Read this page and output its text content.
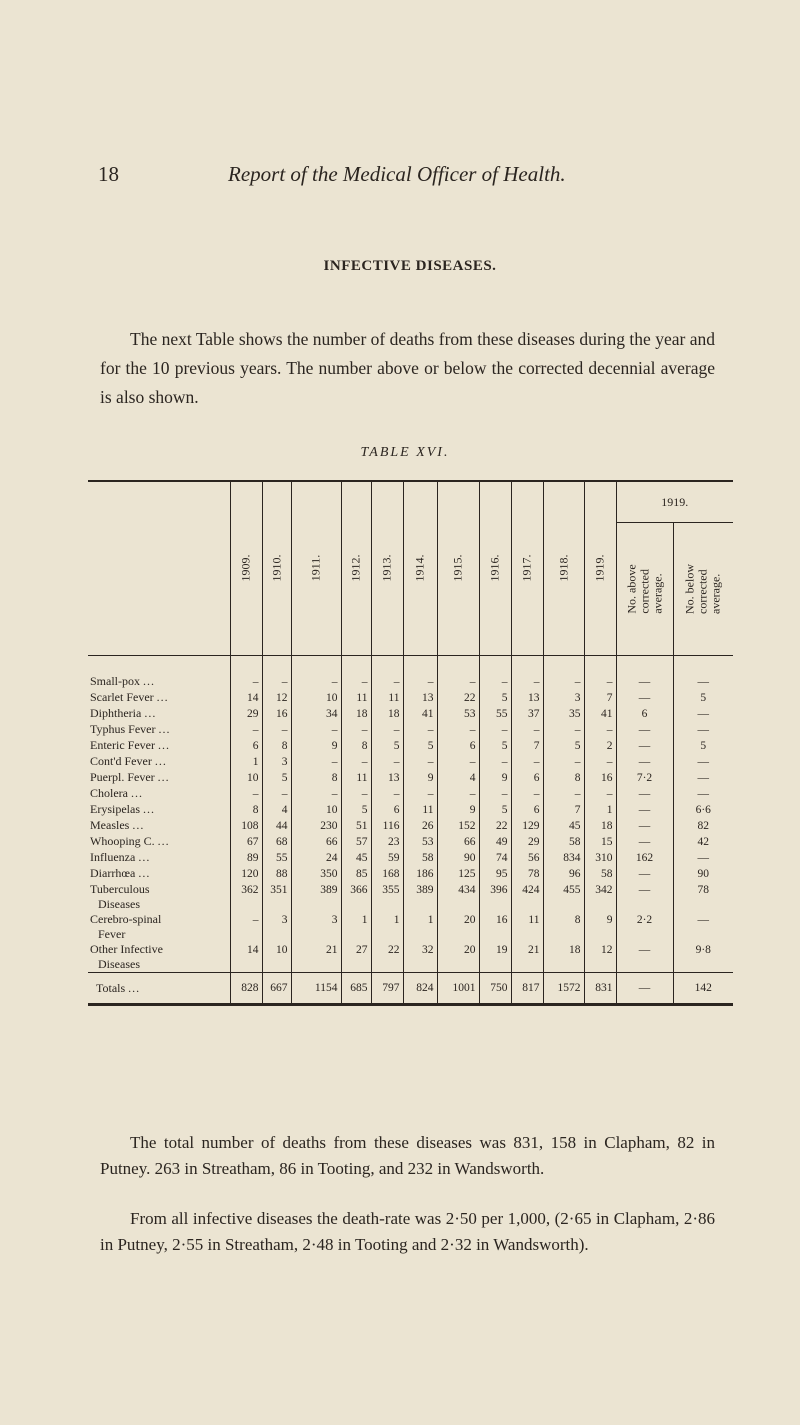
18	Report of the Medical Officer of Health.
INFECTIVE DISEASES.

The next Table shows the number of deaths from these diseases during the year and for the 10 previous years. The number above or below the corrected decennial average is also shown.

TABLE XVI.

	1909.	1910.	1911.	1912.	1913.	1914.	1915.	1916.	1917.	1918.	1919.	1919.	

												No. above
corrected
average.	No. below
corrected
average.

Small-pox ...	–	–	–	–	–	–	–	–	–	–	–	—	—
Scarlet Fever ...	14	12	10	11	11	13	22	5	13	3	7	—	5
Diphtheria ...	29	16	34	18	18	41	53	55	37	35	41	6	—
Typhus Fever ...	–	–	–	–	–	–	–	–	–	–	–	—	—
Enteric Fever ...	6	8	9	8	5	5	6	5	7	5	2	—	5
Cont'd Fever ...	1	3	–	–	–	–	–	–	–	–	–	—	—
Puerpl. Fever ...	10	5	8	11	13	9	4	9	6	8	16	7·2	—
Cholera ...	–	–	–	–	–	–	–	–	–	–	–	—	—
Erysipelas ...	8	4	10	5	6	11	9	5	6	7	1	—	6·6
Measles ...	108	44	230	51	116	26	152	22	129	45	18	—	82
Whooping C. ...	67	68	66	57	23	53	66	49	29	58	15	—	42
Influenza ...	89	55	24	45	59	58	90	74	56	834	310	162	—
Diarrhœa ...	120	88	350	85	168	186	125	95	78	96	58	—	90
Tuberculous
Diseases	362	351	389	366	355	389	434	396	424	455	342	—	78
Cerebro-spinal
Fever	–	3	3	1	1	1	20	16	11	8	9	2·2	—
Other Infective
Diseases	14	10	21	27	22	32	20	19	21	18	12	—	9·8
Totals ...	828	667	1154	685	797	824	1001	750	817	1572	831	—	142

The total number of deaths from these diseases was 831, 158 in Clapham, 82 in Putney. 263 in Streatham, 86 in Tooting, and 232 in Wandsworth.

From all infective diseases the death-rate was 2·50 per 1,000, (2·65 in Clapham, 2·86 in Putney, 2·55 in Streatham, 2·48 in Tooting and 2·32 in Wandsworth).
